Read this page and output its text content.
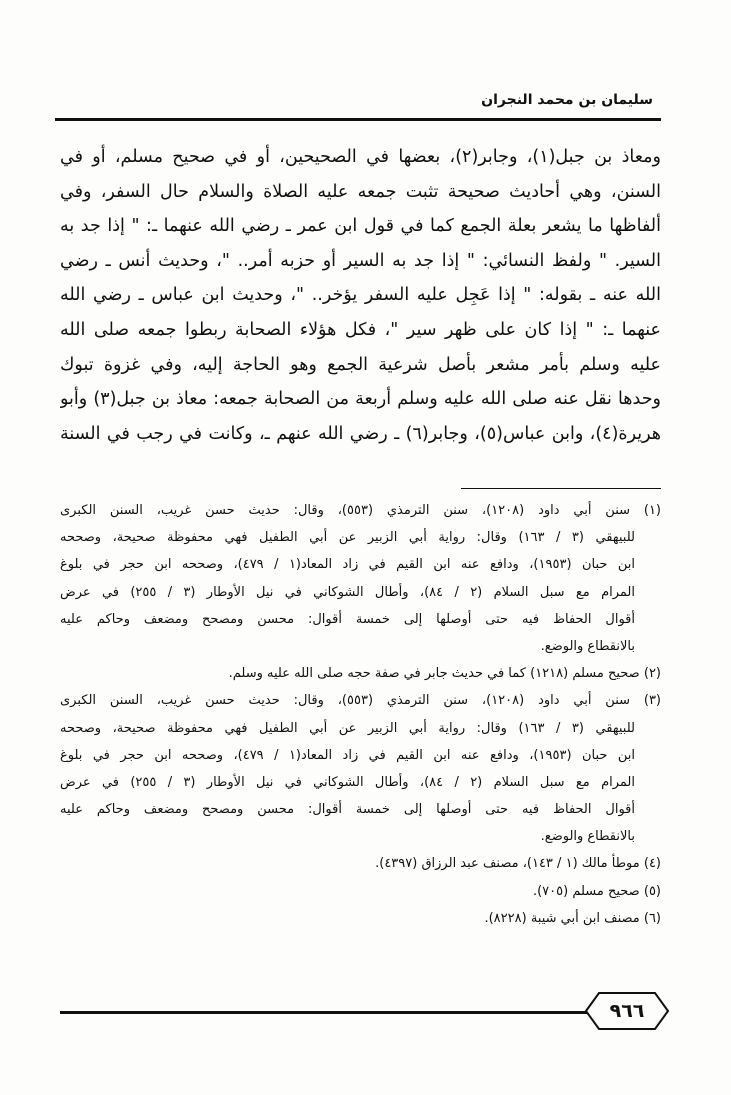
سليمان بن محمد النجران
ومعاذ بن جبل(١)، وجابر(٢)، بعضها في الصحيحين، أو في صحيح مسلم، أو في
السنن، وهي أحاديث صحيحة تثبت جمعه عليه الصلاة والسلام حال السفر، وفي
ألفاظها ما يشعر بعلة الجمع كما في قول ابن عمر ـ رضي الله عنهما ـ: " إذا جد به
السير. " ولفظ النسائي: " إذا جد به السير أو حزبه أمر.. "، وحديث أنس ـ رضي
الله عنه ـ بقوله: " إذا عَجِل عليه السفر يؤخر.. "، وحديث ابن عباس ـ رضي الله
عنهما ـ: " إذا كان على ظهر سير "، فكل هؤلاء الصحابة ربطوا جمعه صلى الله
عليه وسلم بأمر مشعر بأصل شرعية الجمع وهو الحاجة إليه، وفي غزوة تبوك
وحدها نقل عنه صلى الله عليه وسلم أربعة من الصحابة جمعه: معاذ بن جبل(٣) وأبو
هريرة(٤)، وابن عباس(٥)، وجابر(٦) ـ رضي الله عنهم ـ، وكانت في رجب في السنة
(١) سنن أبي داود (١٢٠٨)، سنن الترمذي (٥٥٣)، وقال: حديث حسن غريب، السنن الكبرى
للبيهقي (٣ / ١٦٣) وقال: رواية أبي الزبير عن أبي الطفيل فهي محفوظة صحيحة، وصححه
ابن حبان (١٩٥٣)، ودافع عنه ابن القيم في زاد المعاد(١ / ٤٧٩)، وصححه ابن حجر في بلوغ
المرام مع سبل السلام (٢ / ٨٤)، وأطال الشوكاني في نيل الأوطار (٣ / ٢٥٥) في عرض
أقوال الحفاظ فيه حتى أوصلها إلى خمسة أقوال: محسن ومصحح ومضعف وحاكم عليه
بالانقطاع والوضع.
(٢) صحيح مسلم (١٢١٨) كما في حديث جابر في صفة حجه صلى الله عليه وسلم.
(٣) سنن أبي داود (١٢٠٨)، سنن الترمذي (٥٥٣)، وقال: حديث حسن غريب، السنن الكبرى
للبيهقي (٣ / ١٦٣) وقال: رواية أبي الزبير عن أبي الطفيل فهي محفوظة صحيحة، وصححه
ابن حبان (١٩٥٣)، ودافع عنه ابن القيم في زاد المعاد(١ / ٤٧٩)، وصححه ابن حجر في بلوغ
المرام مع سبل السلام (٢ / ٨٤)، وأطال الشوكاني في نيل الأوطار (٣ / ٢٥٥) في عرض
أقوال الحفاظ فيه حتى أوصلها إلى خمسة أقوال: محسن ومصحح ومضعف وحاكم عليه
بالانقطاع والوضع.
(٤) موطأ مالك (١ / ١٤٣)، مصنف عبد الرزاق (٤٣٩٧).
(٥) صحيح مسلم (٧٠٥).
(٦) مصنف ابن أبي شيبة (٨٢٢٨).
٩٦٦
